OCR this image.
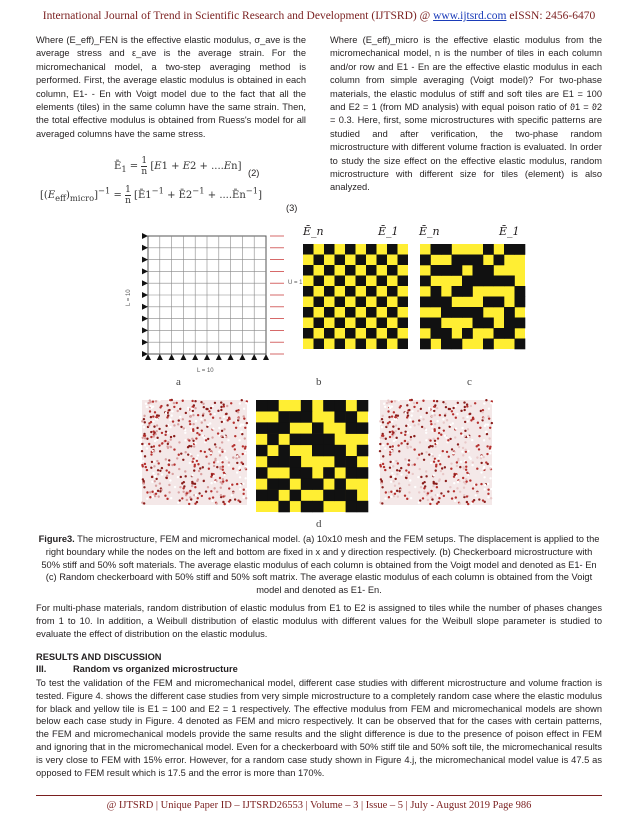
International Journal of Trend in Scientific Research and Development (IJTSRD) @ www.ijtsrd.com eISSN: 2456-6470

Where (E_eff)_FEN is the effective elastic modulus, σ_ave is the average stress and ε_ave is the average strain. For the micromechanical model, a two-step averaging method is performed. First, the average elastic modulus is obtained in each column, E1- - En with Voigt model due to the fact that all the elements (tiles) in the same column have the same strain. Then, the total effective modulus is obtained from Ruess's model for all averaged columns have the same stress.

$Ē_1 = \frac{1}{n} [E1 + E2 + ....En]$
(2)
$[(E_{eff})_{micro}]^{-1} = \frac{1}{n}$ [$Ē1^{-1}$ + $Ē2^{-1}$ + $....Ēn^{-1}$]
(3)

Where (E_eff)_micro is the effective elastic modulus from the micromechanical model, n is the number of tiles in each column and/or row and E1 - En are the effective elastic modulus in each column from simple averaging (Voigt model)? For two-phase materials, the elastic modulus of stiff and soft tiles are E1 = 100 and E2 = 1 (from MD analysis) with equal poison ratio of ϑ1 = ϑ2 = 0.3. Here, first, some microstructures with specific patterns are studied and after verification, the two-phase random microstructure with different volume fraction is evaluated. In order to study the size effect on the effective elastic modulus, random microstructure with different size for tiles (element) is also analyzed.

U = 1
L = 10
L = 10
a	b	c
d
Ē_n	Ē_1 Ē_n	Ē_1
Figure3. The microstructure, FEM and micromechanical model. (a) 10x10 mesh and the FEM setups. The displacement is applied to the right boundary while the nodes on the left and bottom are fixed in x and y direction respectively. (b) Checkerboard microstructure with 50% stiff and 50% soft materials. The average elastic modulus of each column is obtained from the Voigt model and denoted as E1- En (c) Random checkerboard with 50% stiff and 50% soft matrix. The average elastic modulus of each column is obtained from the Voigt model and denoted as E1- En.
For multi-phase materials, random distribution of elastic modulus from E1 to E2 is assigned to tiles while the number of phases changes from 1 to 10. In addition, a Weibull distribution of elastic modulus with different values for the Weibull slope parameter is studied to evaluate the effect of distribution on the elastic modulus.
RESULTS AND DISCUSSION
III.	Random vs organized microstructure
To test the validation of the FEM and micromechanical model, different case studies with different microstructure and volume fraction is tested. Figure 4. shows the different case studies from very simple microstructure to a completely random case where the elastic modulus for black and yellow tile is E1 = 100 and E2 = 1 respectively. The effective modulus from FEM and micromechanical models are shown below each case study in Figure. 4 denoted as FEM and micro respectively. It can be observed that for the cases with certain patterns, the FEM and micromechanical models provide the same results and the slight difference is due to the presence of poison effect in FEM and ignoring that in the micromechanical model. Even for a checkerboard with 50% stiff tile and 50% soft tile, the micromechanical results is very close to FEM with 15% error. However, for a random case study shown in Figure 4.j, the micromechanical model value is 47.5 as opposed to FEM result which is 17.5 and the error is more than 170%.
@ IJTSRD | Unique Paper ID – IJTSRD26553 | Volume – 3 | Issue – 5 | July - August 2019 Page 986
